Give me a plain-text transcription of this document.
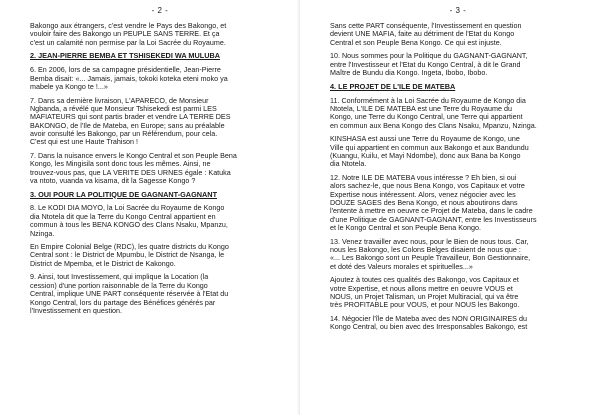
- 2 -
Bakongo aux étrangers, c'est vendre le Pays des Bakongo, et
vouloir faire des Bakongo un PEUPLE SANS TERRE. Et ça
c'est un calamité non permise par la Loi Sacrée du Royaume.
2. JEAN-PIERRE BEMBA ET TSHISEKEDI WA MULUBA
6. En 2006, lors de sa campagne présidentielle, Jean-Pierre
Bemba disait: «... Jamais, jamais, tokoki koteka eteni moko ya
mabele ya Kongo te !...»
7. Dans sa dernière livraison, L'APARECO, de Monsieur
Ngbanda, a révélé que Monsieur Tshisekedi est parmi LES
MAFIATEURS qui sont partis brader et vendre LA TERRE DES
BAKONGO, de l'Ile de Mateba, en Europe; sans au préalable
avoir consulté les Bakongo, par un Référendum, pour cela.
C'est qui est une Haute Trahison !
7. Dans la nuisance envers le Kongo Central et son Peuple Bena
Kongo, les Mingisila sont donc tous les mêmes. Ainsi, ne
trouvez-vous pas, que LA VERITE DES URNES égale : Katuka
va ntoto, vuanda va kisama, dit la Sagesse Kongo ?
3. OUI POUR LA POLITIQUE DE GAGNANT-GAGNANT
8. Le KODI DIA MOYO, la Loi Sacrée du Royaume de Kongo
dia Ntotela dit que la Terre du Kongo Central appartient en
commun à tous les BENA KONGO des Clans Nsaku, Mpanzu,
Nzinga.
En Empire Colonial Belge (RDC), les quatre districts du Kongo
Central sont : le District de Mpumbu, le District de Nsanga, le
District de Mpemba, et le District de Kakongo.
9. Ainsi, tout Investissement, qui implique la Location (la
cession) d'une portion raisonnable de la Terre du Kongo
Central, implique UNE PART conséquente réservée à l'Etat du
Kongo Central, lors du partage des Bénéfices générés par
l'Investissement en question.
- 3 -
Sans cette PART conséquente, l'Investissement en question
devient UNE MAFIA, faite au détriment de l'Etat du Kongo
Central et son Peuple Bena Kongo. Ce qui est injuste.
10. Nous sommes pour la Politique du GAGNANT-GAGNANT,
entre l'Investisseur et l'Etat du Kongo Central, à dit le Grand
Maître de Bundu dia Kongo. Ingeta, Ibobo, Ibobo.
4. LE PROJET DE L'ILE DE MATEBA
11. Conformément à la Loi Sacrée du Royaume de Kongo dia
Ntotela, L'ILE DE MATEBA est une Terre du Royaume du
Kongo, une Terre du Kongo Central, une Terre qui appartient
en commun aux Bena Kongo des Clans Nsaku, Mpanzu, Nzinga.
KINSHASA est aussi une Terre du Royaume de Kongo, une
Ville qui appartient en commun aux Bakongo et aux Bandundu
(Kuangu, Kuilu, et Mayi Ndombe), donc aux Bana ba Kongo
dia Ntotela.
12. Notre ILE DE MATEBA vous intéresse ? Eh bien, si oui
alors sachez-le, que nous Bena Kongo, vos Capitaux et votre
Expertise nous intéressent. Alors, venez négocier avec les
DOUZE SAGES des Bena Kongo, et nous aboutirons dans
l'entente à mettre en oeuvre ce Projet de Mateba, dans le cadre
d'une Politique de GAGNANT-GAGNANT, entre les Investisseurs
et le Kongo Central et son Peuple Bena Kongo.
13. Venez travailler avec nous, pour le Bien de nous tous. Car,
nous les Bakongo, les Colons Belges disaient de nous que :
«... Les Bakongo sont un Peuple Travailleur, Bon Gestionnaire,
et doté des Valeurs morales et spirituelles...»
Ajoutez à toutes ces qualités des Bakongo, vos Capitaux et
votre Expertise, et nous allons mettre en oeuvre VOUS et
NOUS, un Projet Talisman, un Projet Multiracial, qui va être
très PROFITABLE pour VOUS, et pour NOUS les Bakongo.
14. Négocier l'île de Mateba avec des NON ORIGINAIRES du
Kongo Central, ou bien avec des Irresponsables Bakongo, est
